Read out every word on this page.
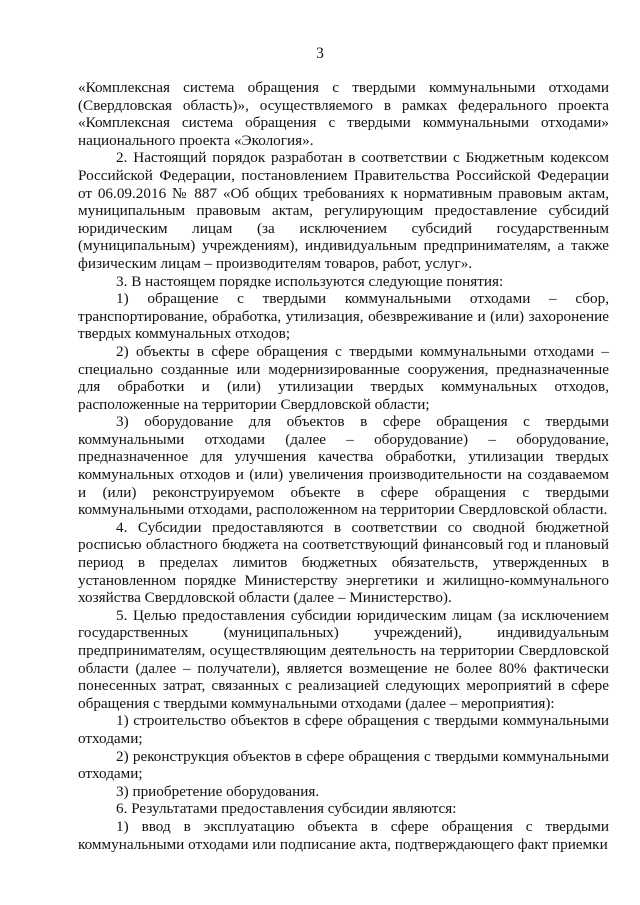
3

«Комплексная система обращения с твердыми коммунальными отходами (Свердловская область)», осуществляемого в рамках федерального проекта «Комплексная система обращения с твердыми коммунальными отходами» национального проекта «Экология».

2. Настоящий порядок разработан в соответствии с Бюджетным кодексом Российской Федерации, постановлением Правительства Российской Федерации от 06.09.2016 № 887 «Об общих требованиях к нормативным правовым актам, муниципальным правовым актам, регулирующим предоставление субсидий юридическим лицам (за исключением субсидий государственным (муниципальным) учреждениям), индивидуальным предпринимателям, а также физическим лицам – производителям товаров, работ, услуг».

3. В настоящем порядке используются следующие понятия:

1) обращение с твердыми коммунальными отходами – сбор, транспортирование, обработка, утилизация, обезвреживание и (или) захоронение твердых коммунальных отходов;

2) объекты в сфере обращения с твердыми коммунальными отходами – специально созданные или модернизированные сооружения, предназначенные для обработки и (или) утилизации твердых коммунальных отходов, расположенные на территории Свердловской области;

3) оборудование для объектов в сфере обращения с твердыми коммунальными отходами (далее – оборудование) – оборудование, предназначенное для улучшения качества обработки, утилизации твердых коммунальных отходов и (или) увеличения производительности на создаваемом и (или) реконструируемом объекте в сфере обращения с твердыми коммунальными отходами, расположенном на территории Свердловской области.

4. Субсидии предоставляются в соответствии со сводной бюджетной росписью областного бюджета на соответствующий финансовый год и плановый период в пределах лимитов бюджетных обязательств, утвержденных в установленном порядке Министерству энергетики и жилищно-коммунального хозяйства Свердловской области (далее – Министерство).

5. Целью предоставления субсидии юридическим лицам (за исключением государственных (муниципальных) учреждений), индивидуальным предпринимателям, осуществляющим деятельность на территории Свердловской области (далее – получатели), является возмещение не более 80% фактически понесенных затрат, связанных с реализацией следующих мероприятий в сфере обращения с твердыми коммунальными отходами (далее – мероприятия):

1) строительство объектов в сфере обращения с твердыми коммунальными отходами;

2) реконструкция объектов в сфере обращения с твердыми коммунальными отходами;

3) приобретение оборудования.

6. Результатами предоставления субсидии являются:

1) ввод в эксплуатацию объекта в сфере обращения с твердыми коммунальными отходами или подписание акта, подтверждающего факт приемки
